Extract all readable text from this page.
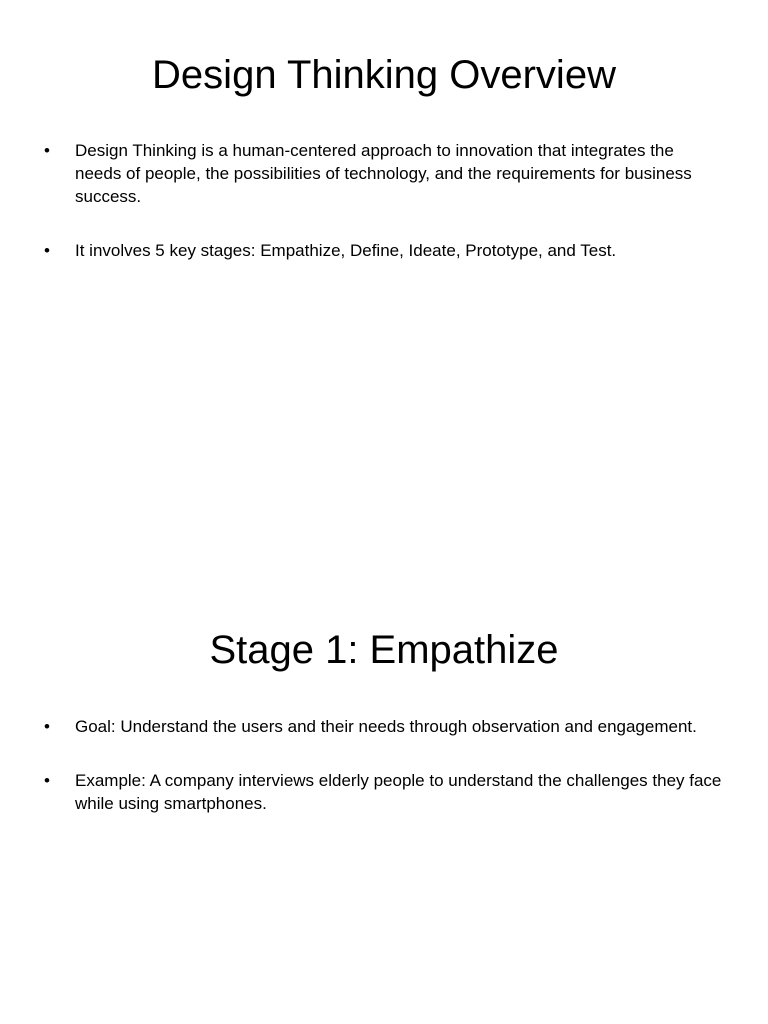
Design Thinking Overview
• Design Thinking is a human-centered approach to innovation that integrates the needs of people, the possibilities of technology, and the requirements for business success.
• It involves 5 key stages: Empathize, Define, Ideate, Prototype, and Test.
Stage 1: Empathize
• Goal: Understand the users and their needs through observation and engagement.
• Example: A company interviews elderly people to understand the challenges they face while using smartphones.
